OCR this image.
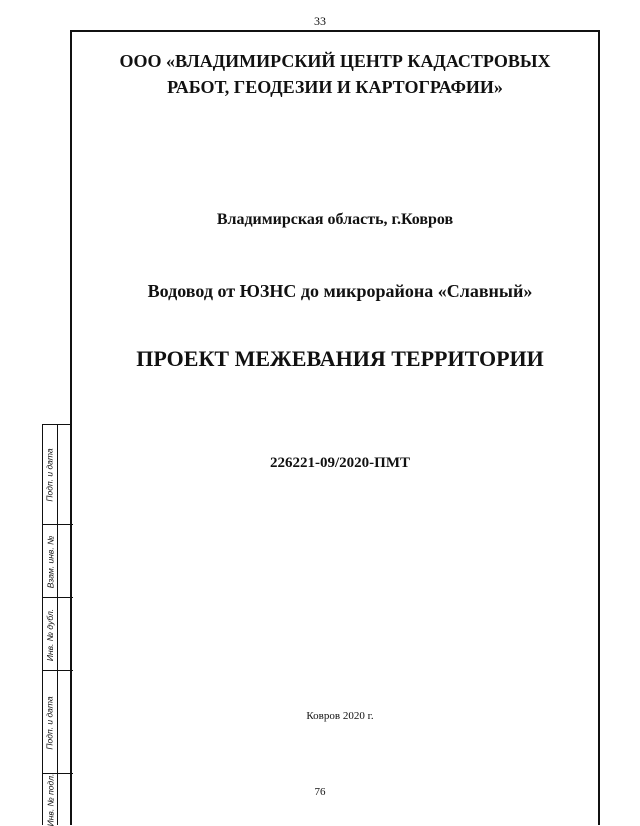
33
Подп. и дата
Взам. инв. №
Инв. № дубл.
Подп. и дата
Инв. № подл.
ООО «ВЛАДИМИРСКИЙ ЦЕНТР КАДАСТРОВЫХ
РАБОТ, ГЕОДЕЗИИ И КАРТОГРАФИИ»
Владимирская область, г.Ковров
Водовод от ЮЗНС до микрорайона «Славный»
ПРОЕКТ МЕЖЕВАНИЯ ТЕРРИТОРИИ
226221-09/2020-ПМТ
Ковров 2020 г.
76
